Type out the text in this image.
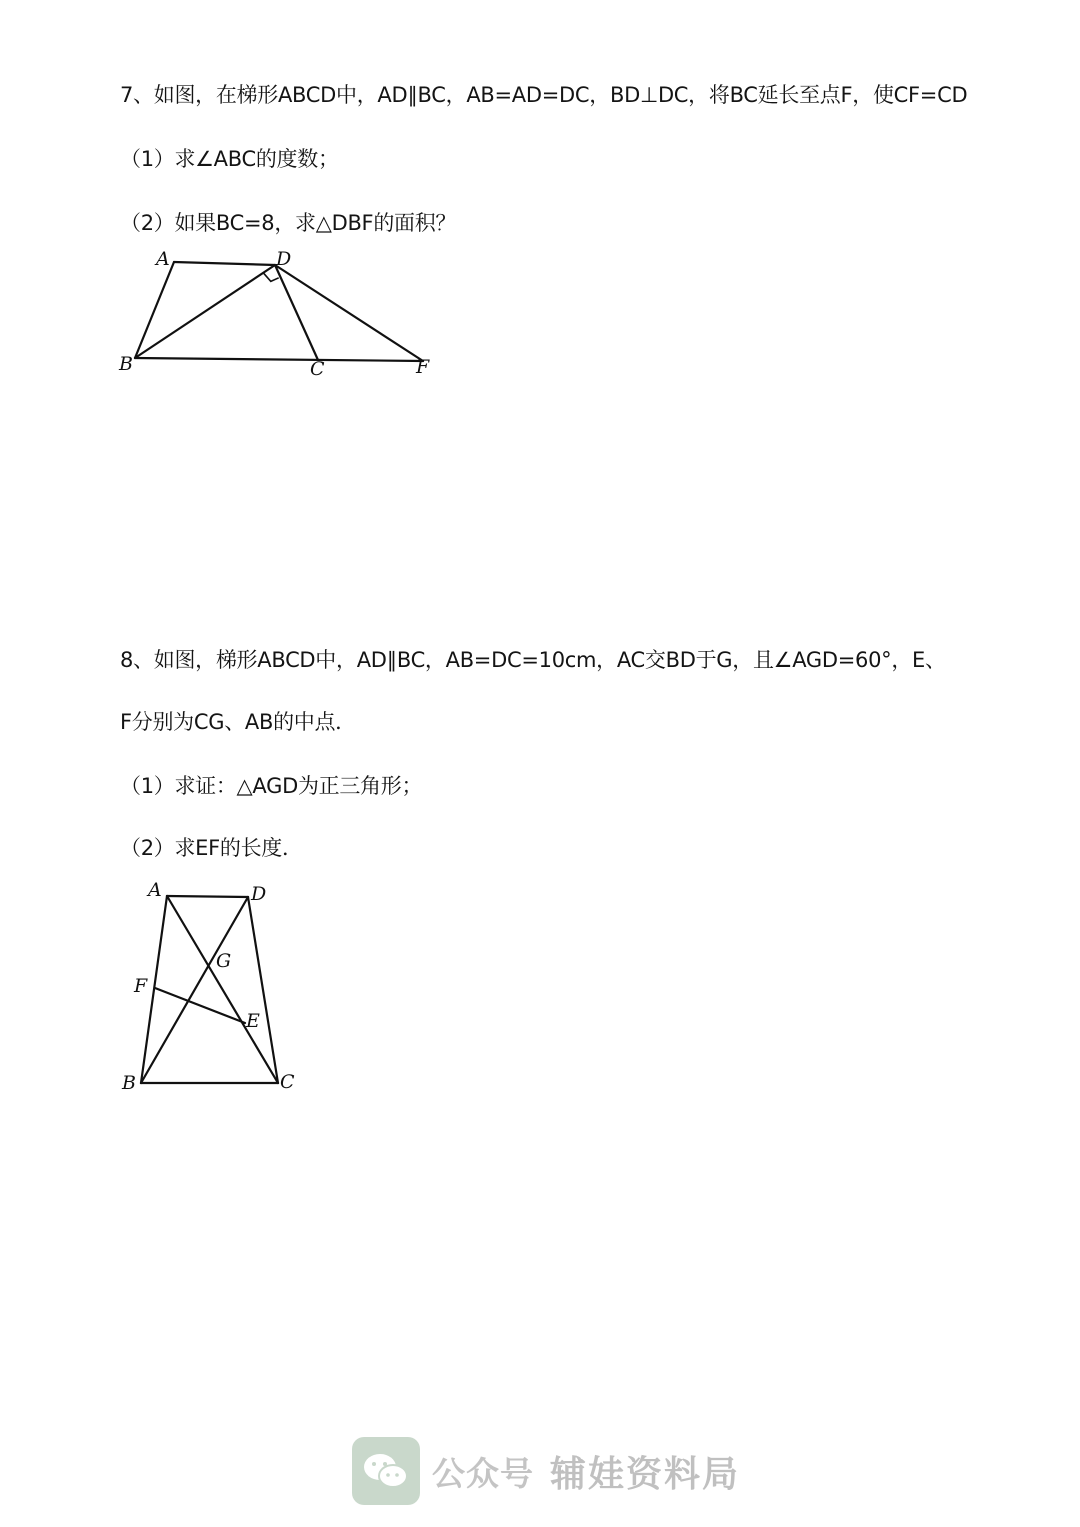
7、如图，在梯形ABCD中，AD∥BC，AB=AD=DC，BD⊥DC，将BC延长至点F，使CF=CD
（1）求∠ABC的度数；
（2）如果BC=8，求△DBF的面积？
A	D
B	C	F
8、如图，梯形ABCD中，AD∥BC，AB=DC=10cm，AC交BD于G，且∠AGD=60°，E、
F分别为CG、AB的中点．
（1）求证：△AGD为正三角形；
（2）求EF的长度．
A	D
G
F
E
B	C
公众号 辅娃资料局
